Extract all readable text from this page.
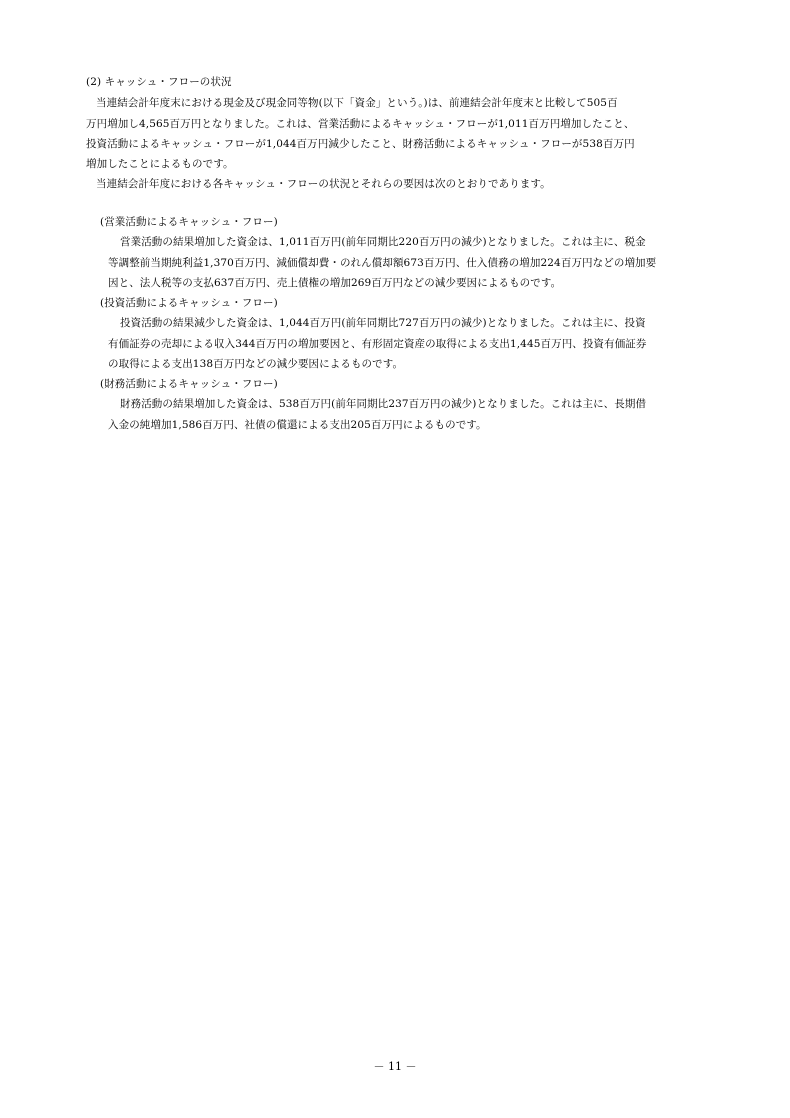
(2) キャッシュ・フローの状況
当連結会計年度末における現金及び現金同等物(以下「資金」という。)は、前連結会計年度末と比較して505百
万円増加し4,565百万円となりました。これは、営業活動によるキャッシュ・フローが1,011百万円増加したこと、
投資活動によるキャッシュ・フローが1,044百万円減少したこと、財務活動によるキャッシュ・フローが538百万円
増加したことによるものです。
当連結会計年度における各キャッシュ・フローの状況とそれらの要因は次のとおりであります。
(営業活動によるキャッシュ・フロー)
営業活動の結果増加した資金は、1,011百万円(前年同期比220百万円の減少)となりました。これは主に、税金
等調整前当期純利益1,370百万円、減価償却費・のれん償却額673百万円、仕入債務の増加224百万円などの増加要
因と、法人税等の支払637百万円、売上債権の増加269百万円などの減少要因によるものです。
(投資活動によるキャッシュ・フロー)
投資活動の結果減少した資金は、1,044百万円(前年同期比727百万円の減少)となりました。これは主に、投資
有価証券の売却による収入344百万円の増加要因と、有形固定資産の取得による支出1,445百万円、投資有価証券
の取得による支出138百万円などの減少要因によるものです。
(財務活動によるキャッシュ・フロー)
財務活動の結果増加した資金は、538百万円(前年同期比237百万円の減少)となりました。これは主に、長期借
入金の純増加1,586百万円、社債の償還による支出205百万円によるものです。
－ 11 －
